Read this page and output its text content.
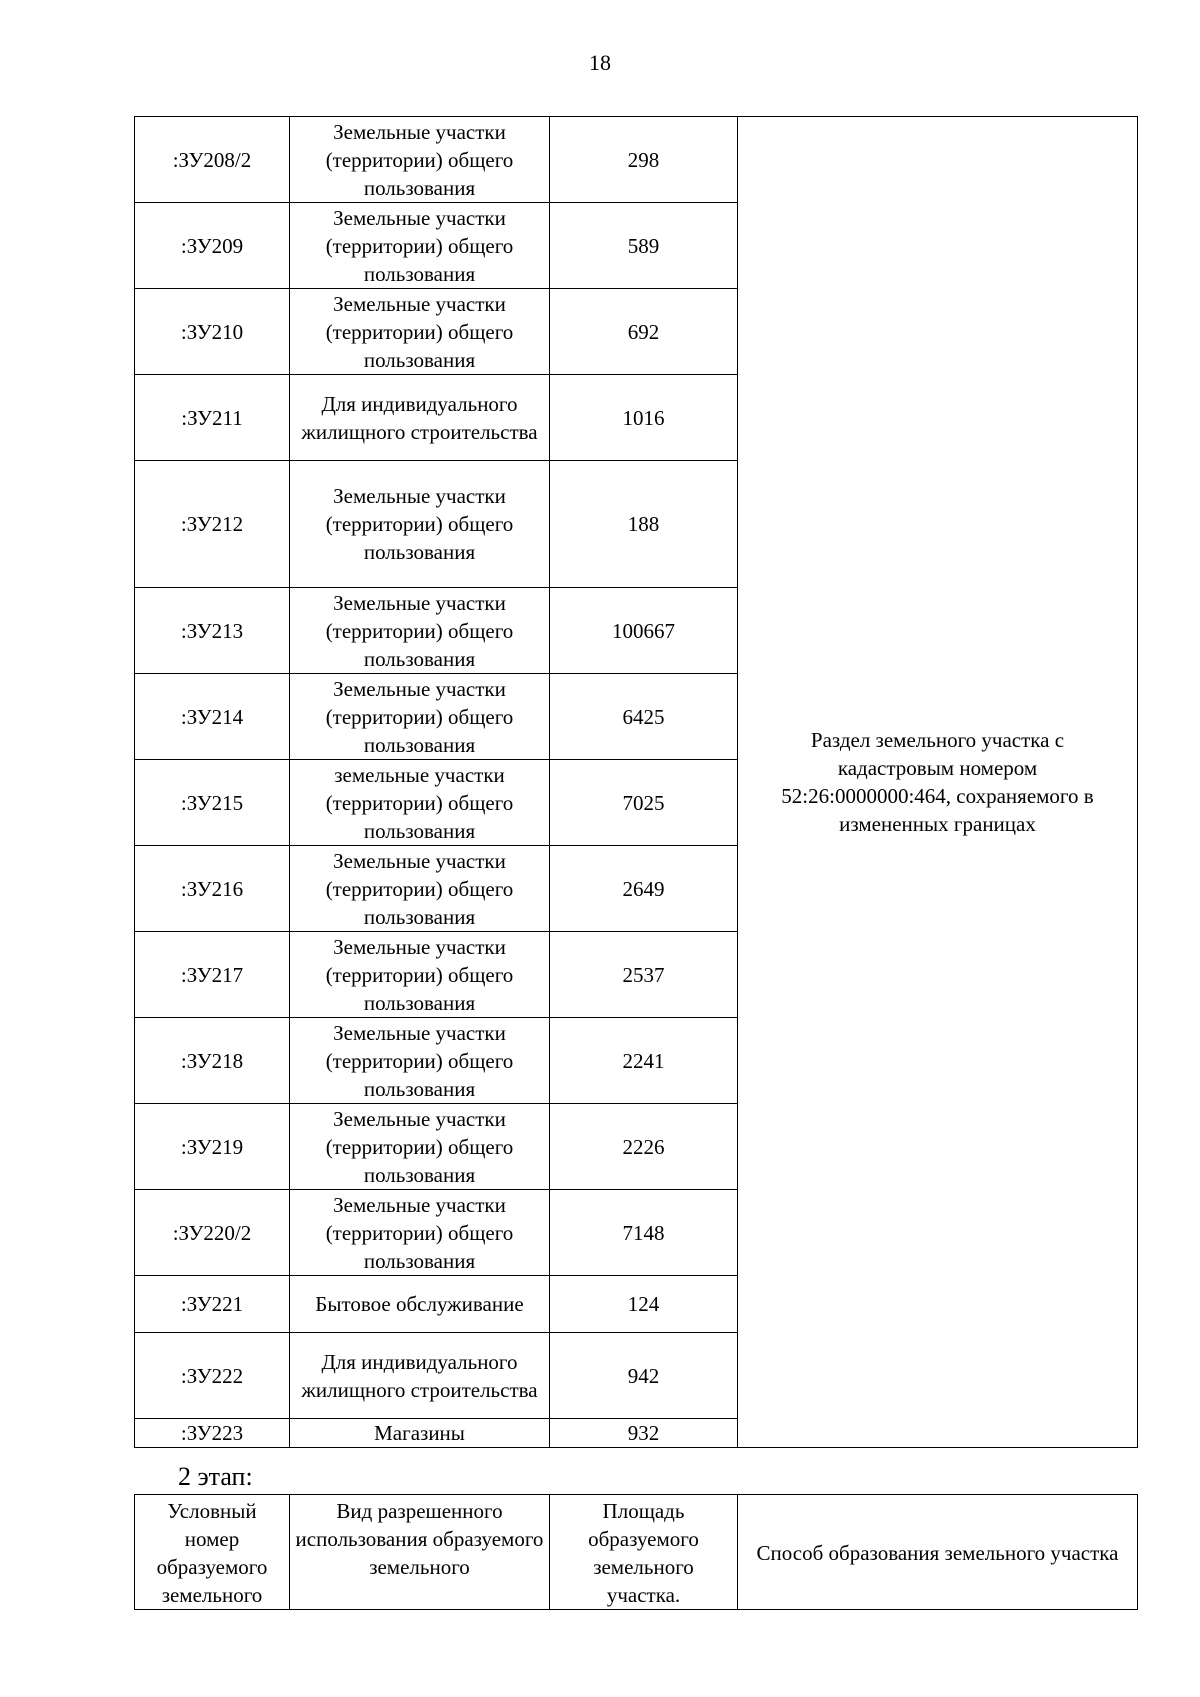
18
:ЗУ208/2	Земельные участки (территории) общего пользования	298	Раздел земельного участка с кадастровым номером 52:26:0000000:464, сохраняемого в измененных границах
:ЗУ209	Земельные участки (территории) общего пользования	589	
:ЗУ210	Земельные участки (территории) общего пользования	692	
:ЗУ211	Для индивидуального жилищного строительства	1016	
:ЗУ212	Земельные участки (территории) общего пользования	188	
:ЗУ213	Земельные участки (территории) общего пользования	100667	
:ЗУ214	Земельные участки (территории) общего пользования	6425	
:ЗУ215	земельные участки (территории) общего пользования	7025	
:ЗУ216	Земельные участки (территории) общего пользования	2649	
:ЗУ217	Земельные участки (территории) общего пользования	2537	
:ЗУ218	Земельные участки (территории) общего пользования	2241	
:ЗУ219	Земельные участки (территории) общего пользования	2226	
:ЗУ220/2	Земельные участки (территории) общего пользования	7148	
:ЗУ221	Бытовое обслуживание	124	
:ЗУ222	Для индивидуального жилищного строительства	942	
:ЗУ223	Магазины	932	
2 этап:
Условный номер образуемого земельного	Вид разрешенного использования образуемого земельного	Площадь образуемого земельного участка.	Способ образования земельного участка
